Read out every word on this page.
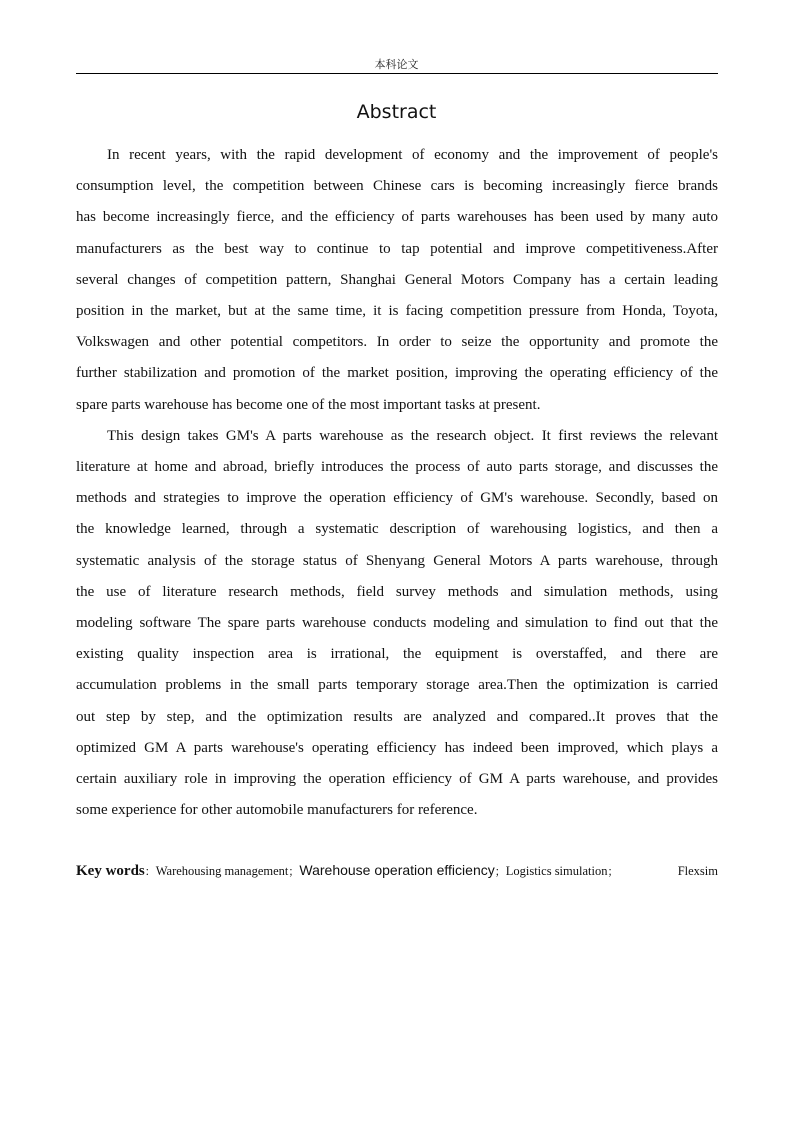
本科论文
Abstract
In recent years, with the rapid development of economy and the improvement of people's
consumption level, the competition between Chinese cars is becoming increasingly fierce brands
has become increasingly fierce, and the efficiency of parts warehouses has been used by many auto
manufacturers as the best way to continue to tap potential and improve competitiveness.After
several changes of competition pattern, Shanghai General Motors Company has a certain leading
position in the market, but at the same time, it is facing competition pressure from Honda, Toyota,
Volkswagen and other potential competitors. In order to seize the opportunity and promote the
further stabilization and promotion of the market position, improving the operating efficiency of the
spare parts warehouse has become one of the most important tasks at present.
This design takes GM's A parts warehouse as the research object. It first reviews the relevant
literature at home and abroad, briefly introduces the process of auto parts storage, and discusses the
methods and strategies to improve the operation efficiency of GM's warehouse. Secondly, based on
the knowledge learned, through a systematic description of warehousing logistics, and then a
systematic analysis of the storage status of Shenyang General Motors A parts warehouse, through
the use of literature research methods, field survey methods and simulation methods, using
modeling software The spare parts warehouse conducts modeling and simulation to find out that the
existing quality inspection area is irrational, the equipment is overstaffed, and there are
accumulation problems in the small parts temporary storage area.Then the optimization is carried
out step by step, and the optimization results are analyzed and compared..It proves that the
optimized GM A parts warehouse's operating efficiency has indeed been improved, which plays a
certain auxiliary role in improving the operation efficiency of GM A parts warehouse, and provides
some experience for other automobile manufacturers for reference.
Key words ： Warehousing management ； Warehouse operation efficiency ； Logistics simulation ；	Flexsim
